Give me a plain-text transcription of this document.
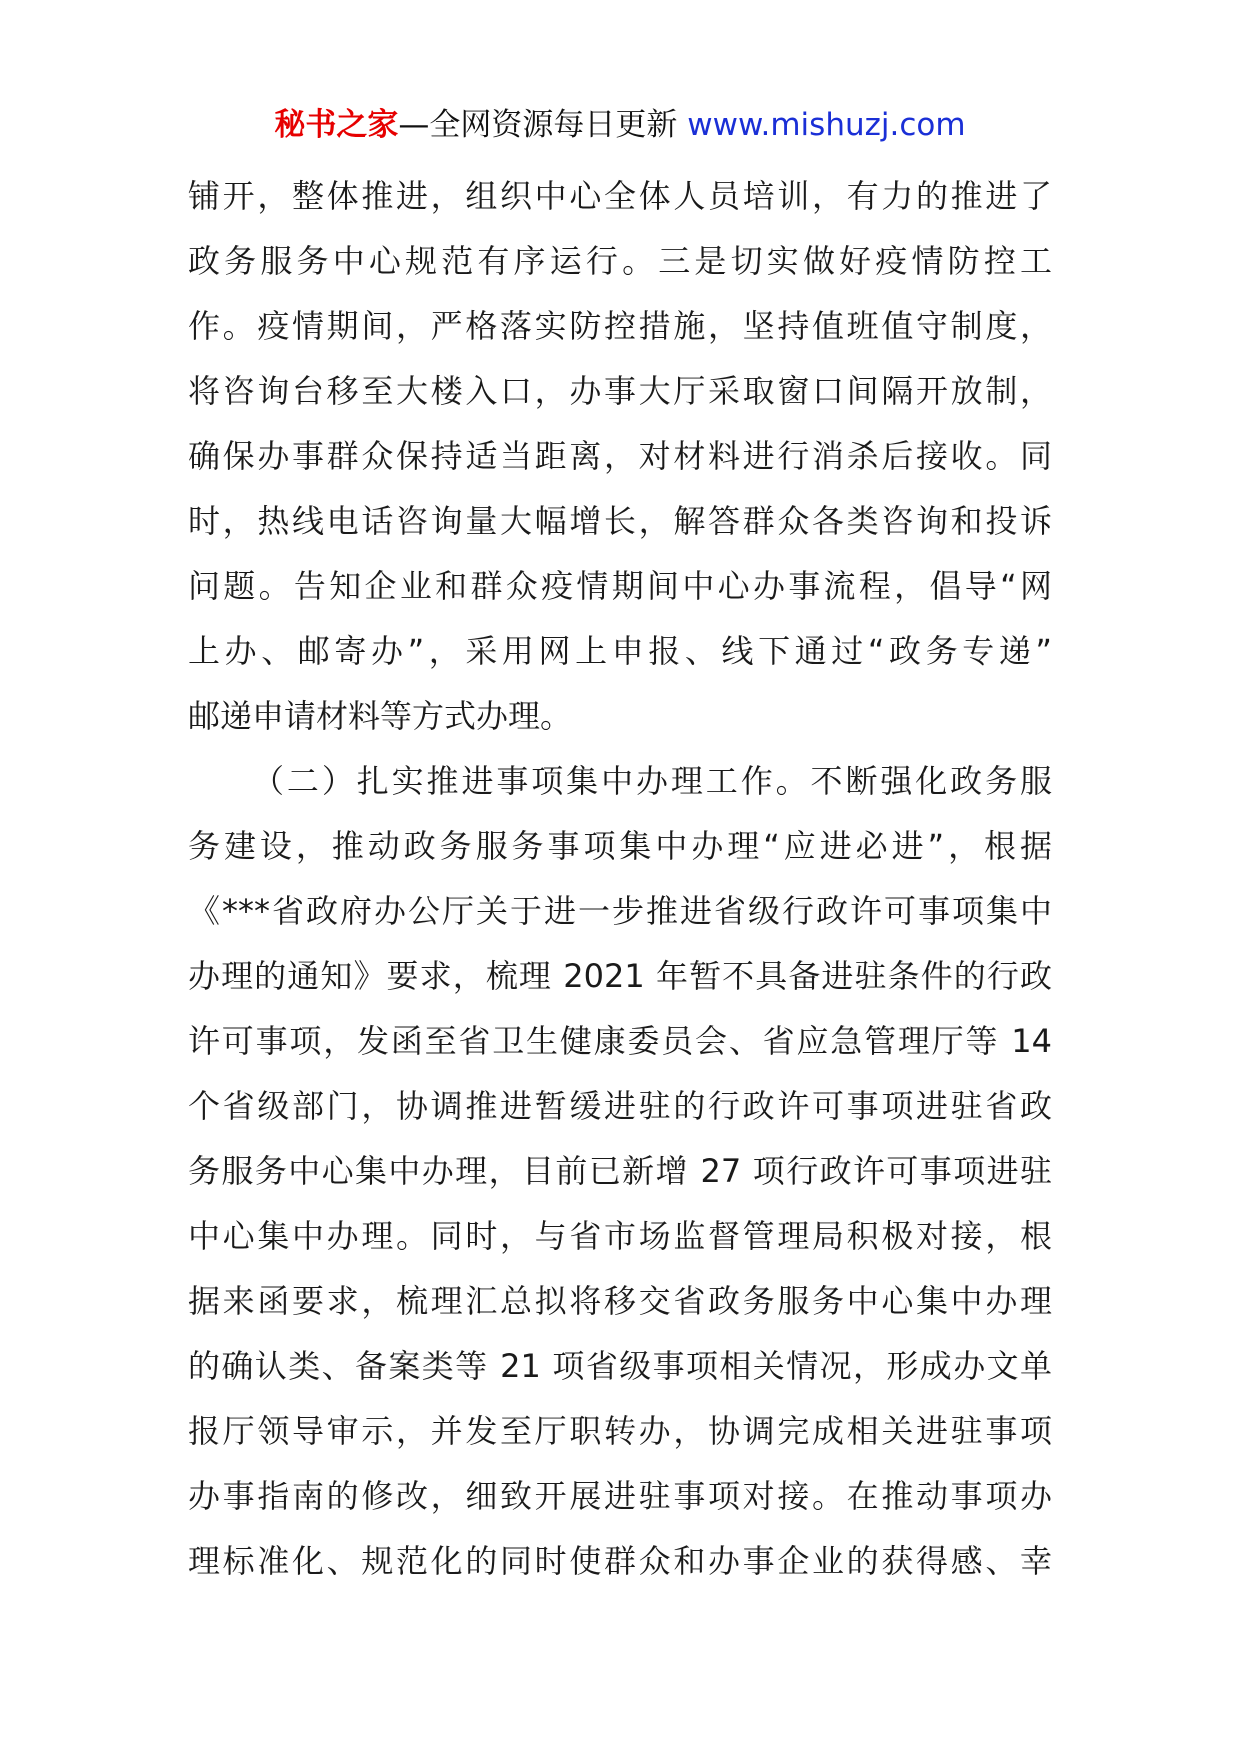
秘书之家—全网资源每日更新 www.mishuzj.com
铺开，整体推进，组织中心全体人员培训，有力的推进了
政务服务中心规范有序运行。三是切实做好疫情防控工
作。疫情期间，严格落实防控措施，坚持值班值守制度，
将咨询台移至大楼入口，办事大厅采取窗口间隔开放制，
确保办事群众保持适当距离，对材料进行消杀后接收。同
时，热线电话咨询量大幅增长，解答群众各类咨询和投诉
问题。告知企业和群众疫情期间中心办事流程，倡导“网
上办、邮寄办”，采用网上申报、线下通过“政务专递”
邮递申请材料等方式办理。
（二）扎实推进事项集中办理工作。不断强化政务服
务建设，推动政务服务事项集中办理“应进必进”，根据
《***省政府办公厅关于进一步推进省级行政许可事项集中
办理的通知》要求，梳理 2021 年暂不具备进驻条件的行政
许可事项，发函至省卫生健康委员会、省应急管理厅等 14
个省级部门，协调推进暂缓进驻的行政许可事项进驻省政
务服务中心集中办理，目前已新增 27 项行政许可事项进驻
中心集中办理。同时，与省市场监督管理局积极对接，根
据来函要求，梳理汇总拟将移交省政务服务中心集中办理
的确认类、备案类等 21 项省级事项相关情况，形成办文单
报厅领导审示，并发至厅职转办，协调完成相关进驻事项
办事指南的修改，细致开展进驻事项对接。在推动事项办
理标准化、规范化的同时使群众和办事企业的获得感、幸
